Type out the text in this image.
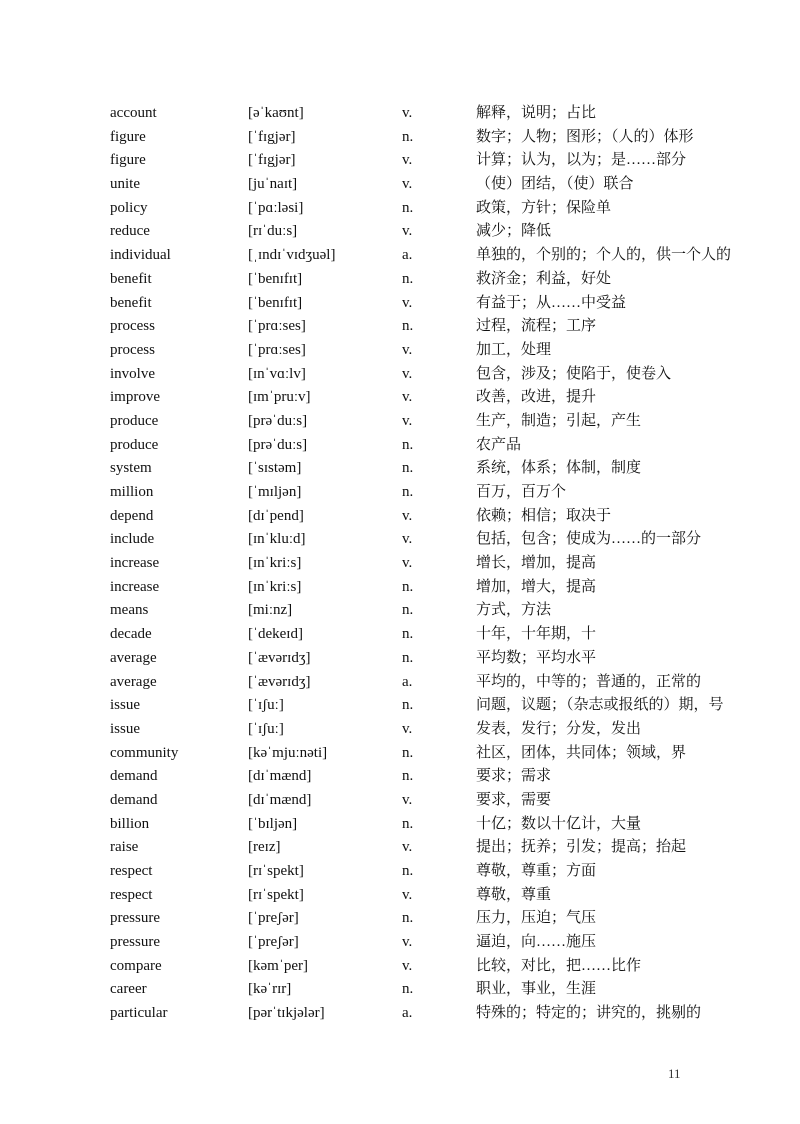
account	[əˈkaʊnt]	v.	解释，说明；占比
figure	[ˈfɪgjər]	n.	数字；人物；图形；（人的）体形
figure	[ˈfɪgjər]	v.	计算；认为，以为；是……部分
unite	[juˈnaɪt]	v.	（使）团结，（使）联合
policy	[ˈpɑːləsi]	n.	政策，方针；保险单
reduce	[rɪˈduːs]	v.	减少；降低
individual	[ˌɪndɪˈvɪdʒuəl]	a.	单独的，个别的；个人的，供一个人的
benefit	[ˈbenɪfɪt]	n.	救济金；利益，好处
benefit	[ˈbenɪfɪt]	v.	有益于；从……中受益
process	[ˈprɑːses]	n.	过程，流程；工序
process	[ˈprɑːses]	v.	加工，处理
involve	[ɪnˈvɑːlv]	v.	包含，涉及；使陷于，使卷入
improve	[ɪmˈpruːv]	v.	改善，改进，提升
produce	[prəˈduːs]	v.	生产，制造；引起，产生
produce	[prəˈduːs]	n.	农产品
system	[ˈsɪstəm]	n.	系统，体系；体制，制度
million	[ˈmɪljən]	n.	百万，百万个
depend	[dɪˈpend]	v.	依赖；相信；取决于
include	[ɪnˈkluːd]	v.	包括，包含；使成为……的一部分
increase	[ɪnˈkriːs]	v.	增长，增加，提高
increase	[ɪnˈkriːs]	n.	增加，增大，提高
means	[miːnz]	n.	方式，方法
decade	[ˈdekeɪd]	n.	十年，十年期，十
average	[ˈævərɪdʒ]	n.	平均数；平均水平
average	[ˈævərɪdʒ]	a.	平均的，中等的；普通的，正常的
issue	[ˈɪʃuː]	n.	问题，议题；（杂志或报纸的）期，号
issue	[ˈɪʃuː]	v.	发表，发行；分发，发出
community	[kəˈmjuːnəti]	n.	社区，团体，共同体；领域，界
demand	[dɪˈmænd]	n.	要求；需求
demand	[dɪˈmænd]	v.	要求，需要
billion	[ˈbɪljən]	n.	十亿；数以十亿计，大量
raise	[reɪz]	v.	提出；抚养；引发；提高；抬起
respect	[rɪˈspekt]	n.	尊敬，尊重；方面
respect	[rɪˈspekt]	v.	尊敬，尊重
pressure	[ˈpreʃər]	n.	压力，压迫；气压
pressure	[ˈpreʃər]	v.	逼迫，向……施压
compare	[kəmˈper]	v.	比较，对比，把……比作
career	[kəˈrɪr]	n.	职业，事业，生涯
particular	[pərˈtɪkjələr]	a.	特殊的；特定的；讲究的，挑剔的
11
